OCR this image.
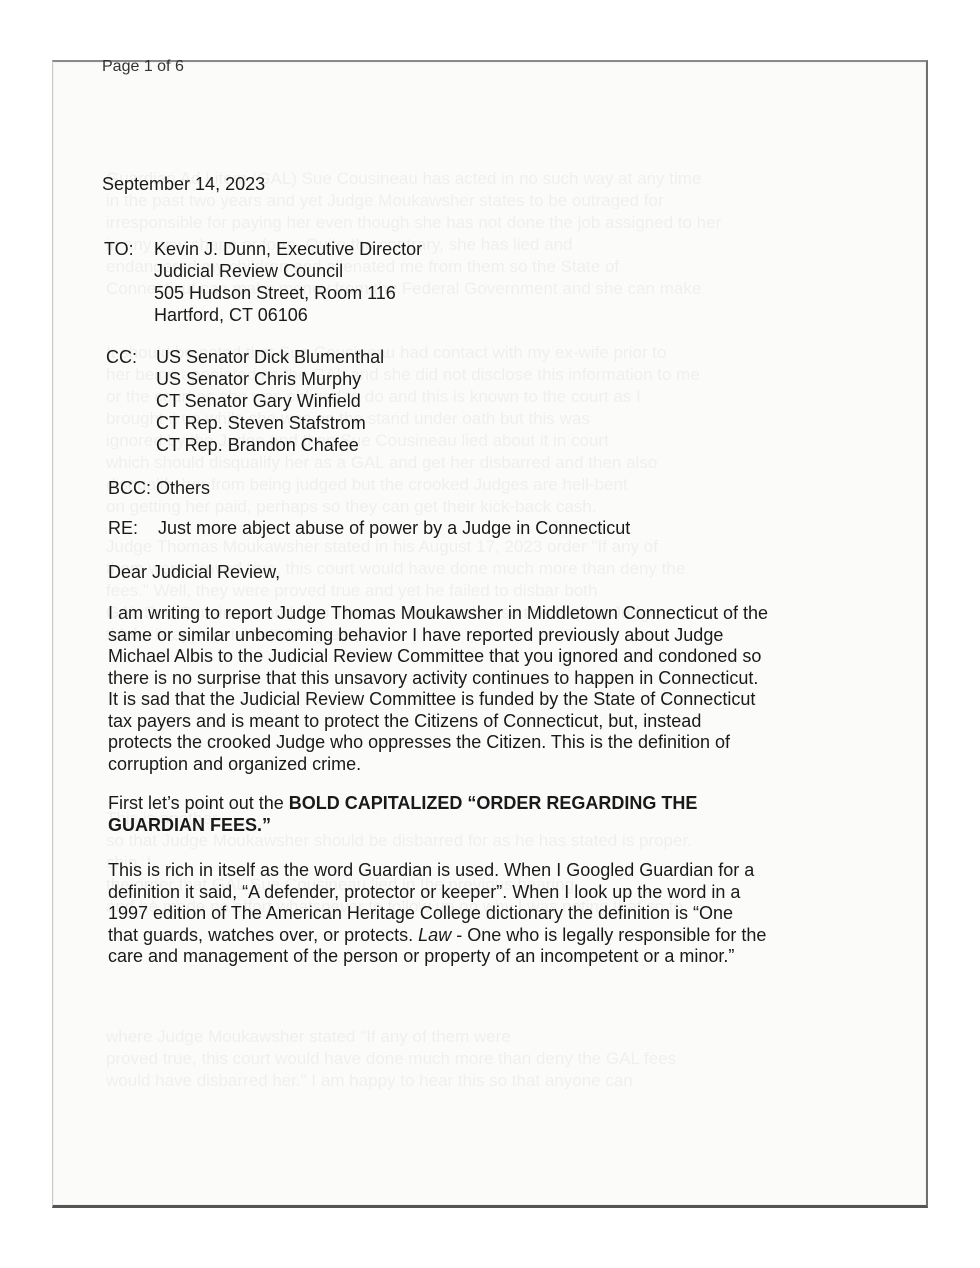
Page 1 of 6
September 14, 2023
TO: Kevin J. Dunn, Executive Director
Judicial Review Council
505 Hudson Street, Room 116
Hartford, CT 06106
CC: US Senator Dick Blumenthal
US Senator Chris Murphy
CT Senator Gary Winfield
CT Rep. Steven Stafstrom
CT Rep. Brandon Chafee
BCC: Others
RE: Just more abject abuse of power by a Judge in Connecticut
Dear Judicial Review,
I am writing to report Judge Thomas Moukawsher in Middletown Connecticut of the same or similar unbecoming behavior I have reported previously about Judge Michael Albis to the Judicial Review Committee that you ignored and condoned so there is no surprise that this unsavory activity continues to happen in Connecticut. It is sad that the Judicial Review Committee is funded by the State of Connecticut tax payers and is meant to protect the Citizens of Connecticut, but, instead protects the crooked Judge who oppresses the Citizen. This is the definition of corruption and organized crime.
First let’s point out the BOLD CAPITALIZED “ORDER REGARDING THE GUARDIAN FEES.”
This is rich in itself as the word Guardian is used. When I Googled Guardian for a definition it said, “A defender, protector or keeper”. When I look up the word in a 1997 edition of The American Heritage College dictionary the definition is “One that guards, watches over, or protects. Law - One who is legally responsible for the care and management of the person or property of an incompetent or a minor.”
